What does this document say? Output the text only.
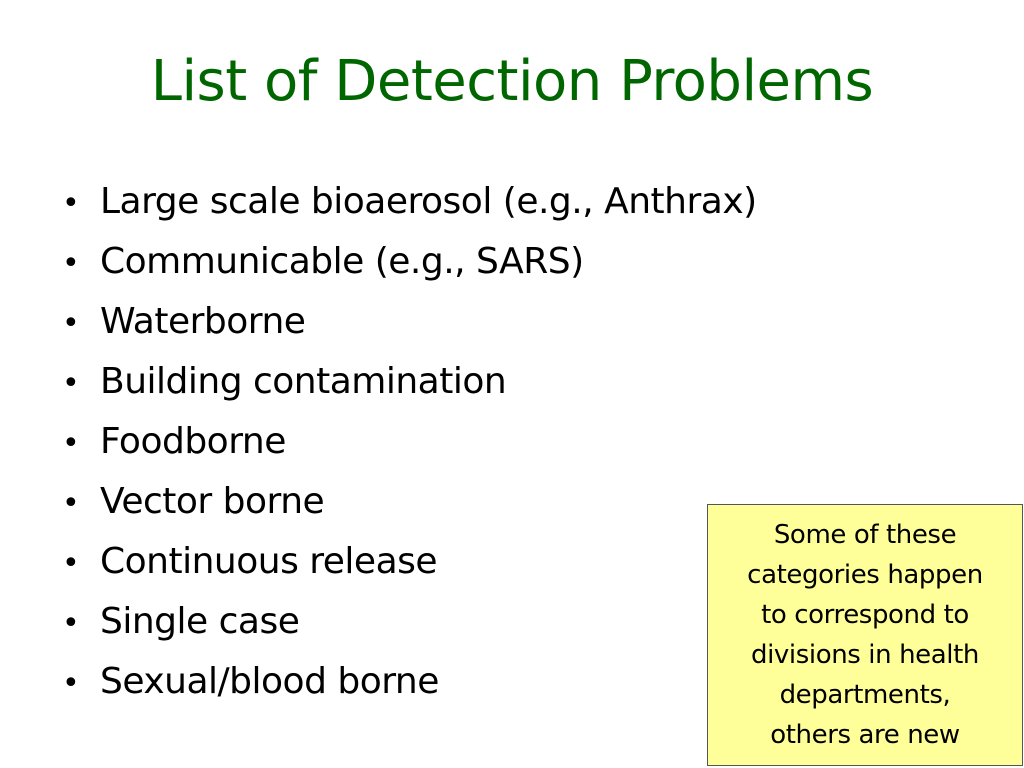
List of Detection Problems
• Large scale bioaerosol (e.g., Anthrax)
• Communicable (e.g., SARS)
• Waterborne
• Building contamination
• Foodborne
• Vector borne
• Continuous release
• Single case
• Sexual/blood borne
Some of these
categories happen
to correspond to
divisions in health
departments,
others are new
